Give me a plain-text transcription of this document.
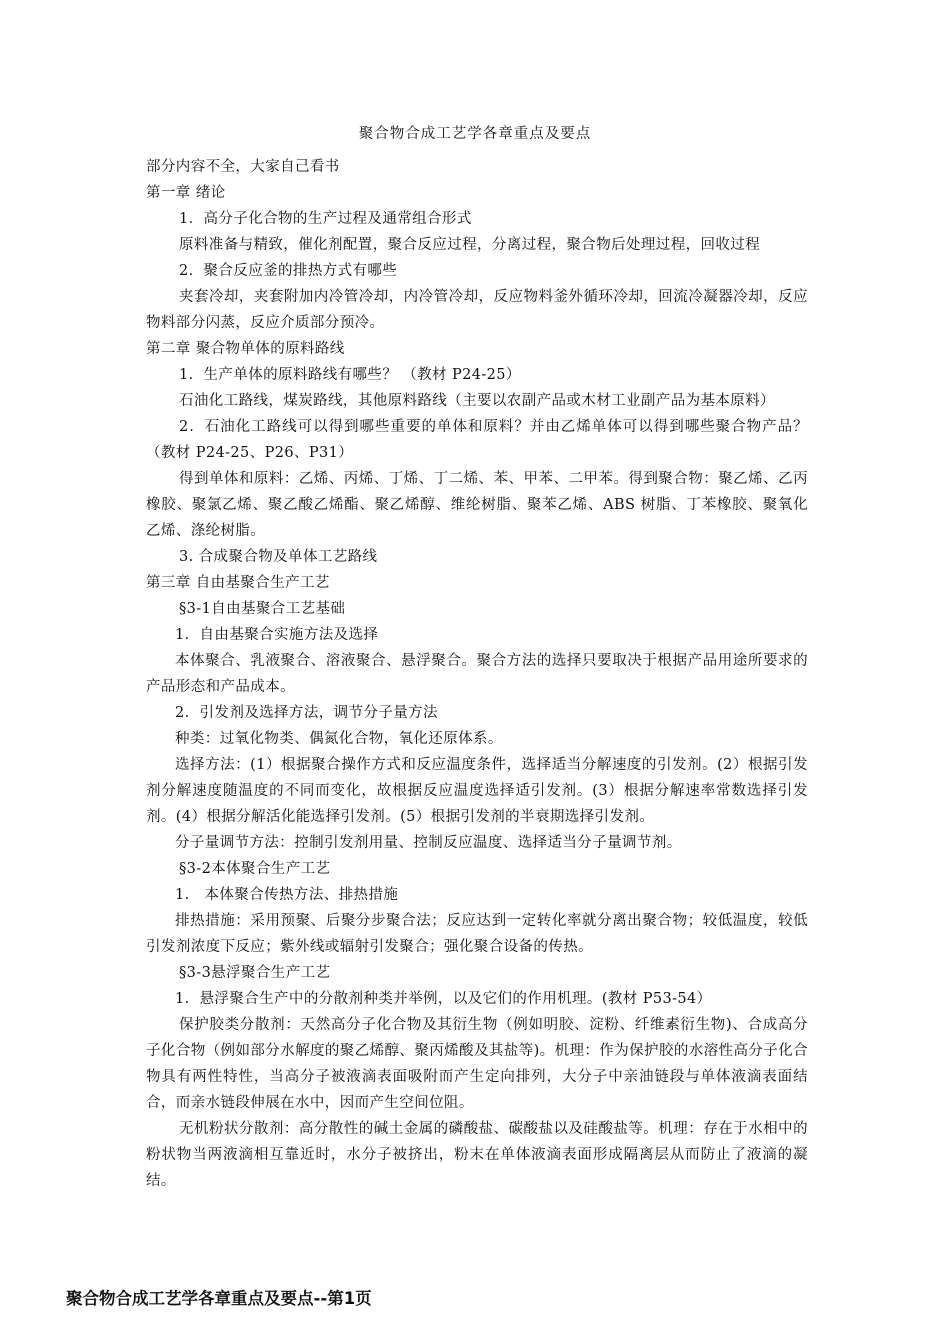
聚合物合成工艺学各章重点及要点

部分内容不全，大家自己看书

第一章 绪论

1．高分子化合物的生产过程及通常组合形式

原料准备与精致，催化剂配置，聚合反应过程，分离过程，聚合物后处理过程，回收过程

2．聚合反应釜的排热方式有哪些

夹套冷却，夹套附加内冷管冷却，内冷管冷却，反应物料釜外循环冷却，回流冷凝器冷却，反应物料部分闪蒸，反应介质部分预冷。

第二章 聚合物单体的原料路线

1．生产单体的原料路线有哪些？ （教材 P24-25）

石油化工路线，煤炭路线，其他原料路线（主要以农副产品或木材工业副产品为基本原料）

2．石油化工路线可以得到哪些重要的单体和原料？并由乙烯单体可以得到哪些聚合物产品？（教材 P24-25、P26、P31）

得到单体和原料：乙烯、丙烯、丁烯、丁二烯、苯、甲苯、二甲苯。得到聚合物：聚乙烯、乙丙橡胶、聚氯乙烯、聚乙酸乙烯酯、聚乙烯醇、维纶树脂、聚苯乙烯、ABS 树脂、丁苯橡胶、聚氧化乙烯、涤纶树脂。

3. 合成聚合物及单体工艺路线

第三章 自由基聚合生产工艺

§3-1自由基聚合工艺基础

1．自由基聚合实施方法及选择

本体聚合、乳液聚合、溶液聚合、悬浮聚合。聚合方法的选择只要取决于根据产品用途所要求的产品形态和产品成本。

2．引发剂及选择方法，调节分子量方法

种类：过氧化物类、偶氮化合物，氧化还原体系。

选择方法：(1）根据聚合操作方式和反应温度条件，选择适当分解速度的引发剂。(2）根据引发剂分解速度随温度的不同而变化，故根据反应温度选择适引发剂。(3）根据分解速率常数选择引发剂。(4）根据分解活化能选择引发剂。(5）根据引发剂的半衰期选择引发剂。

分子量调节方法：控制引发剂用量、控制反应温度、选择适当分子量调节剂。

§3-2本体聚合生产工艺

1． 本体聚合传热方法、排热措施

排热措施：采用预聚、后聚分步聚合法；反应达到一定转化率就分离出聚合物；较低温度，较低引发剂浓度下反应；紫外线或辐射引发聚合；强化聚合设备的传热。

§3-3悬浮聚合生产工艺

1．悬浮聚合生产中的分散剂种类并举例，以及它们的作用机理。(教材 P53-54）

保护胶类分散剂：天然高分子化合物及其衍生物（例如明胶、淀粉、纤维素衍生物)、合成高分子化合物（例如部分水解度的聚乙烯醇、聚丙烯酸及其盐等)。机理：作为保护胶的水溶性高分子化合物具有两性特性，当高分子被液滴表面吸附而产生定向排列，大分子中亲油链段与单体液滴表面结合，而亲水链段伸展在水中，因而产生空间位阻。

无机粉状分散剂：高分散性的碱土金属的磷酸盐、碳酸盐以及硅酸盐等。机理：存在于水相中的粉状物当两液滴相互靠近时，水分子被挤出，粉末在单体液滴表面形成隔离层从而防止了液滴的凝结。

聚合物合成工艺学各章重点及要点--第1页
